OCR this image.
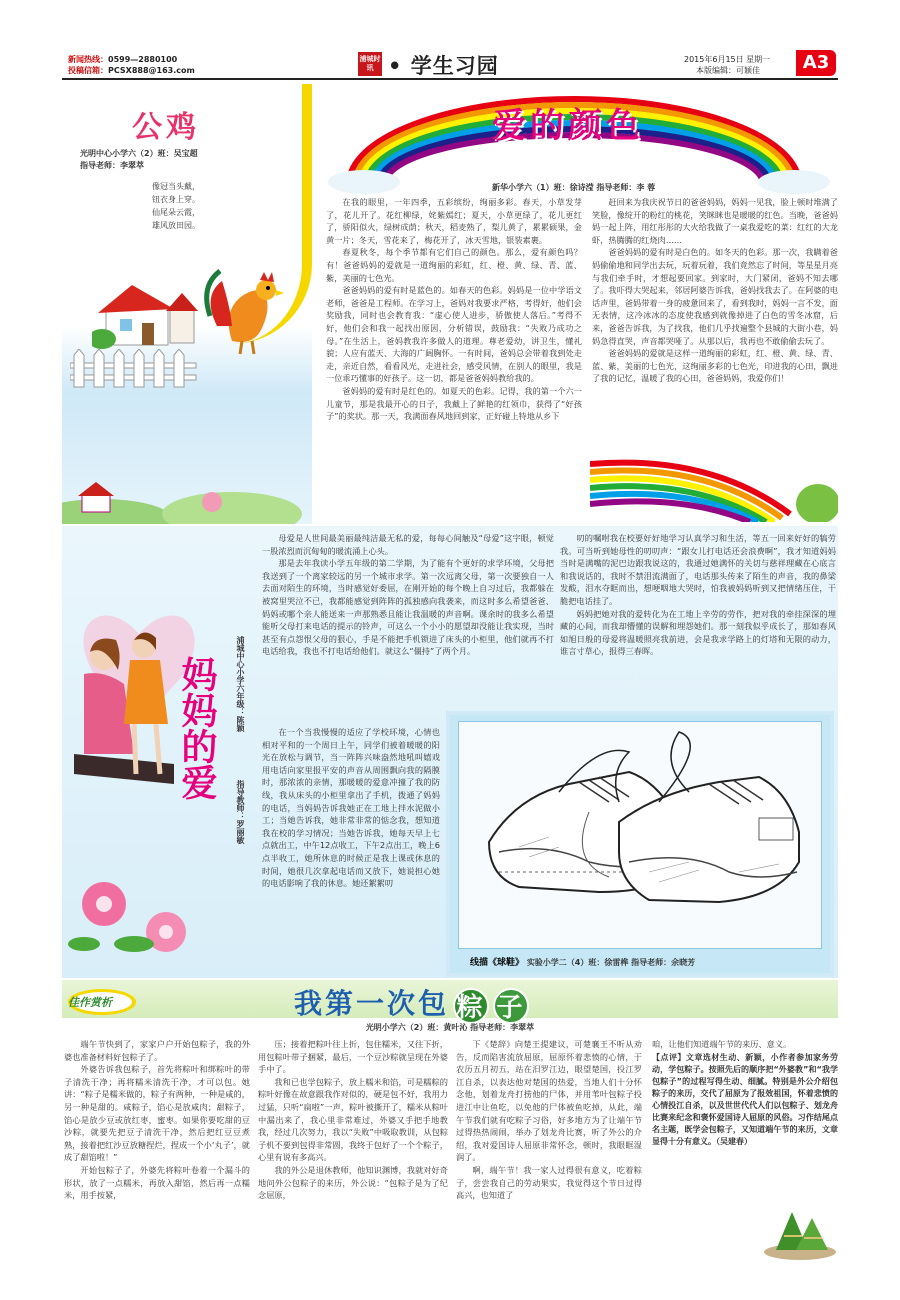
新闻热线：0599—2880100
投稿信箱：PCSX888@163.com
浦城时讯 • 学生习园	2015年6月15日 星期一
本版编辑：可颖佳	A3
公鸡
光明中心小学六（2）班：吴宝超
指导老师：李翠萃
像冠当头戴，
钮衣身上穿。
仙尾朵云霞，
雄风放田园。
爱的颜色
新华小学六（1）班：徐诗滢 指导老师：李 蓉

在我的眼里，一年四季，五彩缤纷，绚丽多彩。春天，小草发芽了，花儿开了。花红柳绿，姹紫嫣红；夏天，小草更绿了，花儿更红了，骄阳似火，绿树成荫；秋天，稻麦熟了，梨儿黄了，累累硕果，金黄一片；冬天，雪花来了，梅花开了，冰天雪地，银装素裹。

春夏秋冬，每个季节都有它们自己的颜色。那么，爱有颜色吗？有！爸爸妈妈的爱就是一道绚丽的彩虹，红、橙、黄、绿、青、蓝、紫，美丽的七色光。

爸爸妈妈的爱有时是蓝色的。如春天的色彩。妈妈是一位中学语文老师，爸爸是工程师。在学习上，爸妈对我要求严格，考得好，他们会奖励我，同时也会教育我：“虚心使人进步，骄傲使人落后。”考得不好，他们会和我一起找出原因，分析错误，鼓励我：“失败乃成功之母。”在生活上，爸妈教我许多做人的道理。尊老爱幼，讲卫生，懂礼貌；人应有蓝天、大海的广阔胸怀。一有时间，爸妈总会带着我到处走走，亲近自然，看看风光，走进社会，感受风情，在别人的眼里，我是一位乖巧懂事的好孩子。这一切，都是爸爸妈妈教给我的。

爸妈妈的爱有时是红色的。如夏天的色彩。记得，我的第一个六一儿童节，那是我最开心的日子，我戴上了鲜艳的红领巾，获得了“好孩子”的奖状。那一天，我满面春风地回到家，正好碰上特地从乡下

赶回来为我庆祝节日的爸爸妈妈，妈妈一见我，脸上顿时堆满了笑脸，像绽开的粉红的桃花，笑眯眯也是暖暖的红色。当晚，爸爸妈妈一起上阵，用红彤彤的大火给我做了一桌我爱吃的菜：红红的大龙虾，热腾腾的红烧肉……

爸爸妈妈的爱有时是白色的。如冬天的色彩。那一次，我瞒着爸妈偷偷地和同学出去玩，玩着玩着，我们竟然忘了时间，等星星月亮与我们牵手时，才想起要回家。到家时，大门紧闭，爸妈不知去哪了。我吓得大哭起来，邻居阿婆告诉我，爸妈找我去了。在阿婆的电话声里，爸妈带着一身的疲惫回来了，看到我时，妈妈一言不发，面无表情，这冷冰冰的态度使我感到就像掉进了白色的雪冬冰窟，后来，爸爸告诉我，为了找我，他们几乎找遍整个县城的大街小巷，妈妈急得直哭，声音都哭哑了。从那以后，我再也不敢偷偷去玩了。

爸爸妈妈的爱就是这样一道绚丽的彩虹，红、橙、黄、绿、青、蓝、紫，美丽的七色光，这绚丽多彩的七色光，印进我的心田，飘进了我的记忆，温暖了我的心田，爸爸妈妈，我爱你们！

妈妈的爱 浦城中心小学六年级：陈颖
指导教师：罗丽敏

母爱是人世间最美丽最纯洁最无私的爱，每每心间触及“母爱”这字眼，顿觉一股浓烈而沉甸甸的暖流涌上心头。

那是去年我读小学五年级的第二学期，为了能有个更好的求学环境，父母把我送到了一个离家较远的另一个城市求学。第一次远离父母，第一次要独自一人去面对陌生的环境，当时感觉好委屈，在刚开始的每个晚上自习过后，我都躲在被窝里哭泣不已，我都能感觉到阵阵的孤独感向我袭来，而这时多么希望爸爸、妈妈或哪个亲人能送来一声那熟悉且能让我温暖的声音啊。课余时的我多么希望能听父母打来电话的提示的铃声，可这么一个小小的愿望却没能让我实现，当时甚至有点怨恨父母的狠心，手是不能把手机锁进了床头的小柜里，他们就再不打电话给我，我也不打电话给他们。就这么“僵持”了两个月。

在一个当我慢慢的适应了学校环境，心情也相对平和的一个周日上午，同学们被着暖暖的阳光在放松与调节，当一阵阵兴味盎然地吼叫嬉戏用电话向家里报平安的声音从周围飘向我的隔膜时，那浓浓的亲情，那暖暖的爱意冲撞了我的防线，我从床头的小柜里拿出了手机，拨通了妈妈的电话，当妈妈告诉我她正在工地上拌水泥做小工；当她告诉我，她非常非常的惦念我，想知道我在校的学习情况；当她告诉我，她每天早上七点就出工，中午12点收工，下午2点出工，晚上6点半收工，她所休息的时候正是我上课或休息的时间，她很几次拿起电话而又放下，她说担心她的电话影响了我的休息。她还絮絮叨

叨的嘱咐我在校要好好地学习认真学习和生活，等五一回来好好的犒劳我。可当听到她母性的叨叨声：“跟女儿打电话还会浪费啊”，我才知道妈妈当时是满嘴的泥巴边跟我说这的，我通过她满怀的关切与慈祥理藏在心底言和我说话的，我时不禁泪流满面了，电话那头传来了陌生的声音，我的鼻梁发酸，泪水夺眶而出，想哽咽地大哭时，怕我被妈妈听到又把情绪压住，干脆把电话挂了。

妈妈把她对我的爱转化为在工地上辛劳的劳作，把对我的牵挂深深的埋藏的心间，而我却懵懂的误解和埋怨她们。那一刻我似乎成长了，那如春风如旭日般的母爱将温暖照亮我前进，会是我求学路上的灯塔和无限的动力，谁言寸草心，报得三春晖。

线描《球鞋》 实验小学二（4）班：徐雷桦 指导老师：余晓芳
佳作赏析	我第一次包 粽 子
光明小学六（2）班：黄叶沁 指导老师：李翠萃

端午节快到了，家家户户开始包粽子，我的外婆也准备材料好包粽子了。

外婆告诉我包粽子，首先将粽叶和绑粽叶的带子清洗干净；再将糯米清洗干净，才可以包。她讲：“粽子是糯米做的，粽子有两种，一种是咸的，另一种是甜的。咸粽子，馅心是放咸肉；甜粽子，馅心是放少豆或放红枣，蜜枣。如果你要吃甜的豆沙粽，就要先把豆子清洗干净，然后把红豆豆煮熟，接着把红沙豆放糖捏烂，捏成一个小‘丸子’，就成了甜馅啦！”

开始包粽子了，外婆先将粽叶卷着一个漏斗的形状，放了一点糯米，再放入甜馅，然后再一点糯米，用手按紧，

压；接着把粽叶往上折，包住糯米，又往下折，用包粽叶带子捆紧，最后，一个豆沙粽就呈现在外婆手中了。

我和已也学包粽子，放上糯米和馅，可是糯粽的粽叶好像在故意跟我作对似的，硬是包不好，我用力过猛，只听“扁啦”一声，粽叶被撕开了，糯米从粽叶中漏出来了，我心里非常难过，外婆又手把手地教我，经过几次努力，我以“失败”中吸取教训，从包粽子机不要到包得非常圆，我终于包好了一个个粽子，心里有说有多高兴。

我的外公是退休教师，他知识渊博，我就对好奇地问外公包粽子的来历，外公说：“包粽子是为了纪念屈原，

下《楚辞》向楚王提建议，可楚襄王不听从劝告，反而陷害流放屈原，屈原怀着悲愤的心情，于农历五月初五，站在汨罗江边，眼望楚国，投江罗江自杀，以表达他对楚国的热爱，当地人们十分怀念他，划着龙舟打捞他的尸体，并用苇叶包粽子投进江中让鱼吃，以免他的尸体被鱼吃掉，从此，端午节我们就有吃粽子习俗，好多地方为了让端午节过得热热闹闹，举办了划龙舟比赛，听了外公的介绍，我对爱国诗人屈原非常怀念，顿时，我眼眶湿润了。

啊，端午节！我一家人过得很有意义，吃着粽子，尝尝我自己的劳动果实，我觉得这个节日过得高兴，也知道了

咱，让他们知道端午节的来历、意义。

【点评】文章选材生动、新颖，小作者参加家务劳动，学包粽子。按照先后的顺序把“外婆教”和“我学包粽子”的过程写得生动、细腻。特别是外公介绍包粽子的来历，交代了屈原为了报效祖国，怀着悲愤的心情投江自杀，以及世世代代人们以包粽子、划龙舟比赛来纪念和褒怀爱国诗人屈原的风俗。习作结尾点名主题，既学会包粽子，又知道端午节的来历，文章显得十分有意义。（吴建春）
